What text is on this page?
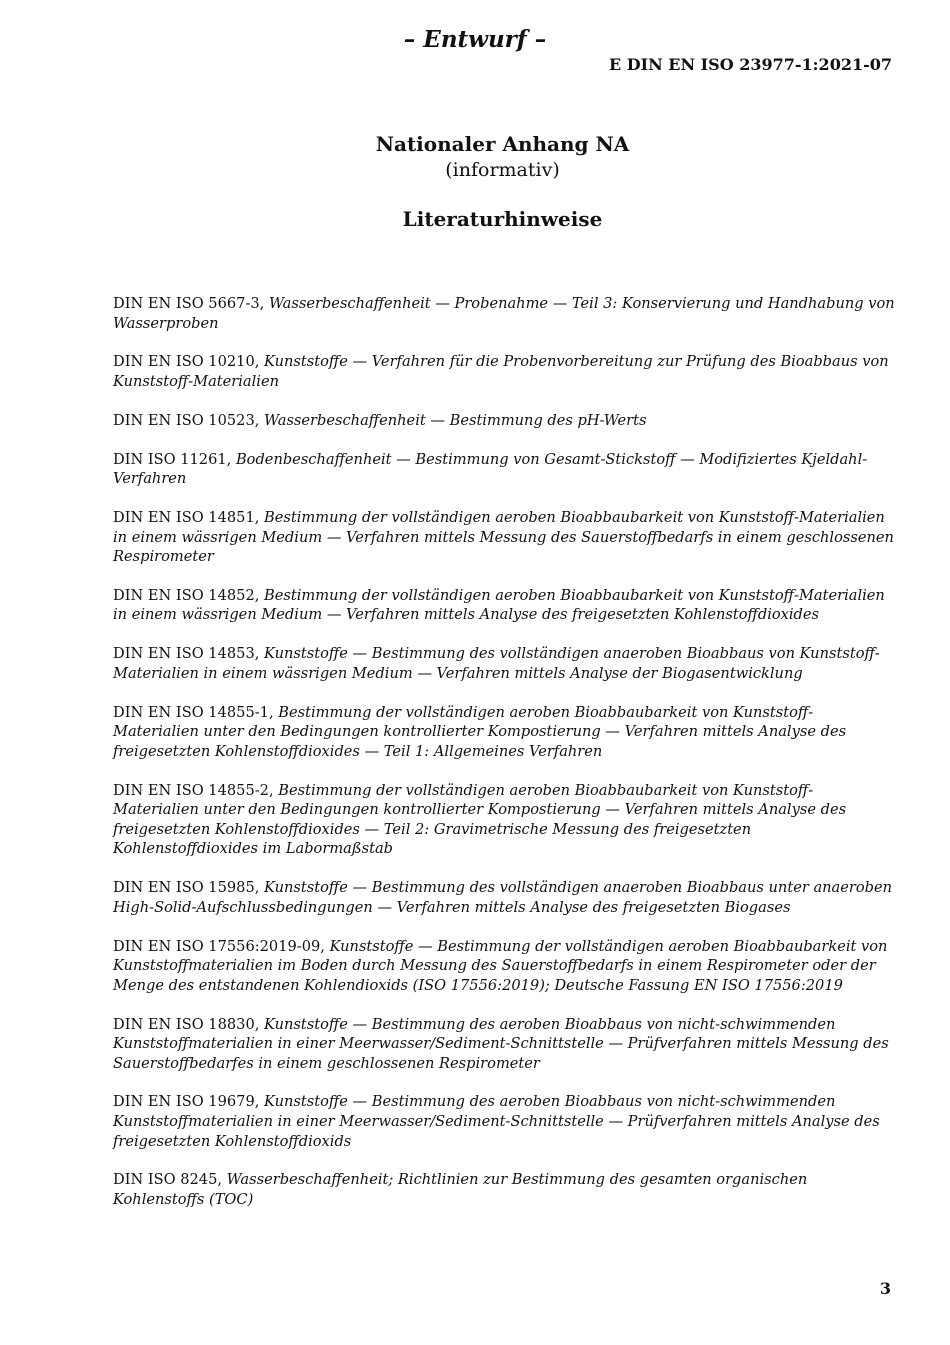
– Entwurf –
E DIN EN ISO 23977-1:2021-07
Nationaler Anhang NA
(informativ)
Literaturhinweise

DIN EN ISO 5667-3, Wasserbeschaffenheit — Probenahme — Teil 3: Konservierung und Handhabung von Wasserproben

DIN EN ISO 10210, Kunststoffe — Verfahren für die Probenvorbereitung zur Prüfung des Bioabbaus von Kunststoff-Materialien

DIN EN ISO 10523, Wasserbeschaffenheit — Bestimmung des pH-Werts

DIN ISO 11261, Bodenbeschaffenheit — Bestimmung von Gesamt-Stickstoff — Modifiziertes Kjeldahl-Verfahren

DIN EN ISO 14851, Bestimmung der vollständigen aeroben Bioabbaubarkeit von Kunststoff-Materialien in einem wässrigen Medium — Verfahren mittels Messung des Sauerstoffbedarfs in einem geschlossenen Respirometer

DIN EN ISO 14852, Bestimmung der vollständigen aeroben Bioabbaubarkeit von Kunststoff-Materialien in einem wässrigen Medium — Verfahren mittels Analyse des freigesetzten Kohlenstoffdioxides

DIN EN ISO 14853, Kunststoffe — Bestimmung des vollständigen anaeroben Bioabbaus von Kunststoff-Materialien in einem wässrigen Medium — Verfahren mittels Analyse der Biogasentwicklung

DIN EN ISO 14855-1, Bestimmung der vollständigen aeroben Bioabbaubarkeit von Kunststoff-Materialien unter den Bedingungen kontrollierter Kompostierung — Verfahren mittels Analyse des freigesetzten Kohlenstoffdioxides — Teil 1: Allgemeines Verfahren

DIN EN ISO 14855-2, Bestimmung der vollständigen aeroben Bioabbaubarkeit von Kunststoff-Materialien unter den Bedingungen kontrollierter Kompostierung — Verfahren mittels Analyse des freigesetzten Kohlenstoffdioxides — Teil 2: Gravimetrische Messung des freigesetzten Kohlenstoffdioxides im Labormaßstab

DIN EN ISO 15985, Kunststoffe — Bestimmung des vollständigen anaeroben Bioabbaus unter anaeroben High-Solid-Aufschlussbedingungen — Verfahren mittels Analyse des freigesetzten Biogases

DIN EN ISO 17556:2019-09, Kunststoffe — Bestimmung der vollständigen aeroben Bioabbaubarkeit von Kunststoffmaterialien im Boden durch Messung des Sauerstoffbedarfs in einem Respirometer oder der Menge des entstandenen Kohlendioxids (ISO 17556:2019); Deutsche Fassung EN ISO 17556:2019

DIN EN ISO 18830, Kunststoffe — Bestimmung des aeroben Bioabbaus von nicht-schwimmenden Kunststoffmaterialien in einer Meerwasser/Sediment-Schnittstelle — Prüfverfahren mittels Messung des Sauerstoffbedarfes in einem geschlossenen Respirometer

DIN EN ISO 19679, Kunststoffe — Bestimmung des aeroben Bioabbaus von nicht-schwimmenden Kunststoffmaterialien in einer Meerwasser/Sediment-Schnittstelle — Prüfverfahren mittels Analyse des freigesetzten Kohlenstoffdioxids

DIN ISO 8245, Wasserbeschaffenheit; Richtlinien zur Bestimmung des gesamten organischen Kohlenstoffs (TOC)

3
